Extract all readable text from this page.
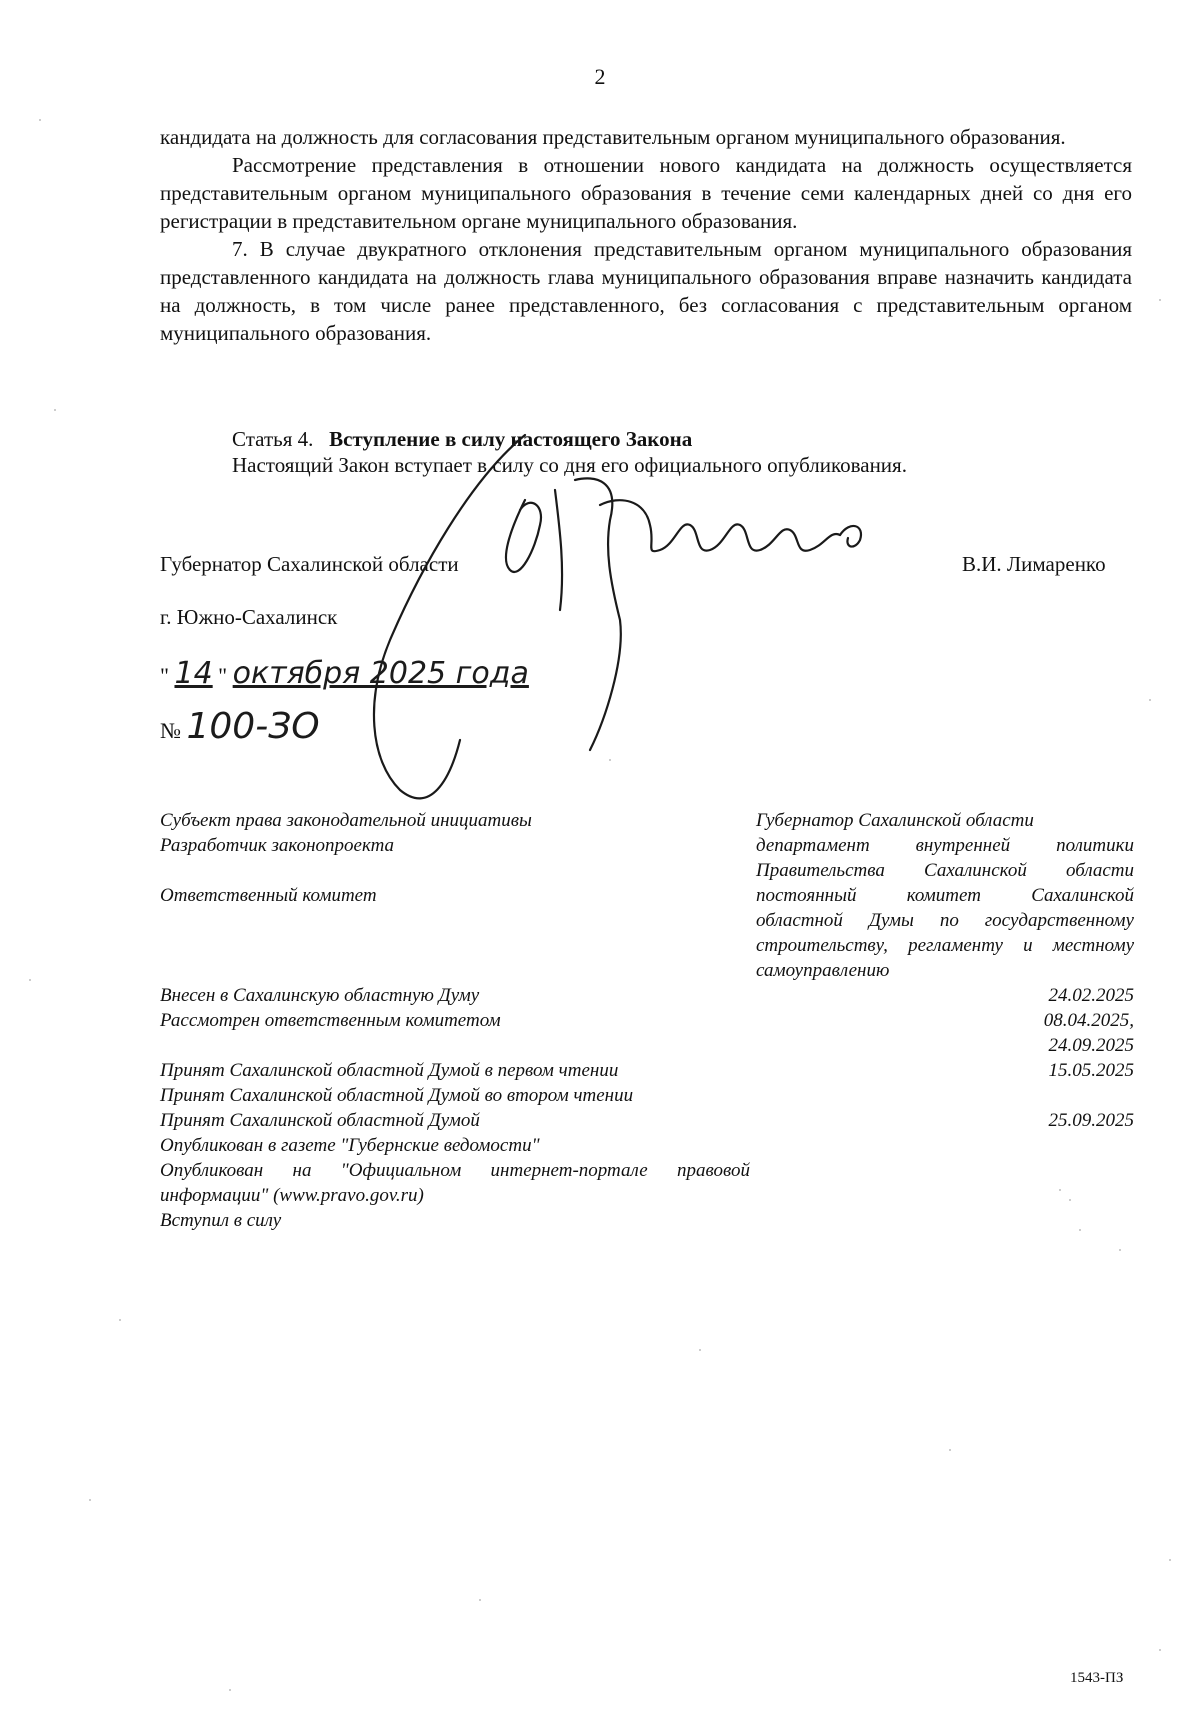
2

кандидата на должность для согласования представительным органом муниципального образования.

Рассмотрение представления в отношении нового кандидата на должность осуществляется представительным органом муниципального образования в течение семи календарных дней со дня его регистрации в представительном органе муниципального образования.

7. В случае двукратного отклонения представительным органом муниципального образования представленного кандидата на должность глава муниципального образования вправе назначить кандидата на должность, в том числе ранее представленного, без согласования с представительным органом муниципального образования.

Статья 4. Вступление в силу настоящего Закона
Настоящий Закон вступает в силу со дня его официального опубликования.
Губернатор Сахалинской области	В.И. Лимаренко
г. Южно-Сахалинск
" 14 " октября 2025 года
№ 100-ЗО
Субъект права законодательной инициативы	Губернатор Сахалинской области
Разработчик законопроекта	департамент внутренней политики Правительства Сахалинской области
Ответственный комитет	постоянный комитет Сахалинской областной Думы по государственному строительству, регламенту и местному самоуправлению
Внесен в Сахалинскую областную Думу	24.02.2025
Рассмотрен ответственным комитетом	08.04.2025,
24.09.2025
Принят Сахалинской областной Думой в первом чтении	15.05.2025
Принят Сахалинской областной Думой во втором чтении
Принят Сахалинской областной Думой	25.09.2025
Опубликован в газете "Губернские ведомости"
Опубликован на "Официальном интернет-портале правовой информации" (www.pravo.gov.ru)
Вступил в силу
1543-ПЗ
